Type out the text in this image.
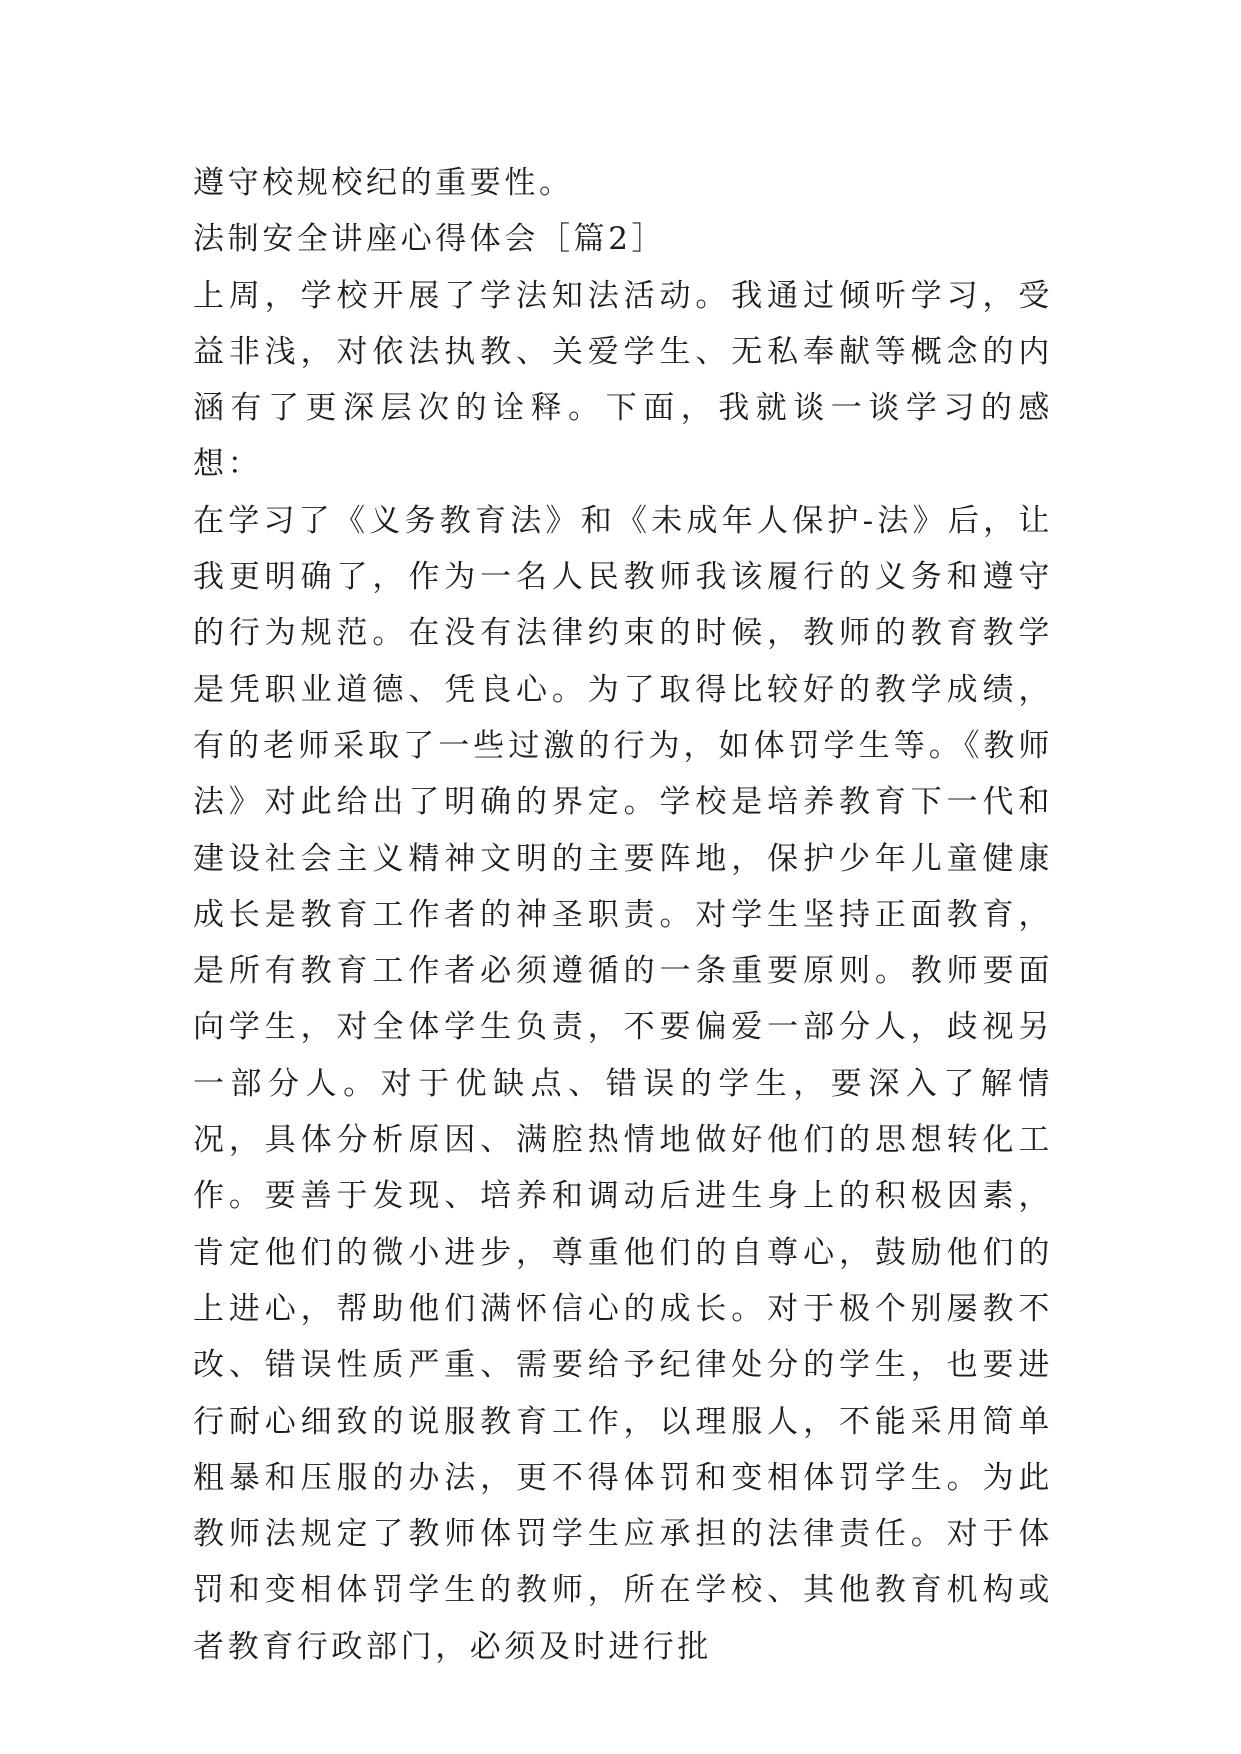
遵守校规校纪的重要性。

法制安全讲座心得体会［篇2］

上周，学校开展了学法知法活动。我通过倾听学习，受益非浅，对依法执教、关爱学生、无私奉献等概念的内涵有了更深层次的诠释。下面，我就谈一谈学习的感想：

在学习了《义务教育法》和《未成年人保护-法》后，让我更明确了，作为一名人民教师我该履行的义务和遵守的行为规范。在没有法律约束的时候，教师的教育教学是凭职业道德、凭良心。为了取得比较好的教学成绩，有的老师采取了一些过激的行为，如体罚学生等。《教师法》对此给出了明确的界定。学校是培养教育下一代和建设社会主义精神文明的主要阵地，保护少年儿童健康成长是教育工作者的神圣职责。对学生坚持正面教育，是所有教育工作者必须遵循的一条重要原则。教师要面向学生，对全体学生负责，不要偏爱一部分人，歧视另一部分人。对于优缺点、错误的学生，要深入了解情况，具体分析原因、满腔热情地做好他们的思想转化工作。要善于发现、培养和调动后进生身上的积极因素，肯定他们的微小进步，尊重他们的自尊心，鼓励他们的上进心，帮助他们满怀信心的成长。对于极个别屡教不改、错误性质严重、需要给予纪律处分的学生，也要进行耐心细致的说服教育工作，以理服人，不能采用简单粗暴和压服的办法，更不得体罚和变相体罚学生。为此教师法规定了教师体罚学生应承担的法律责任。对于体罚和变相体罚学生的教师，所在学校、其他教育机构或者教育行政部门，必须及时进行批
